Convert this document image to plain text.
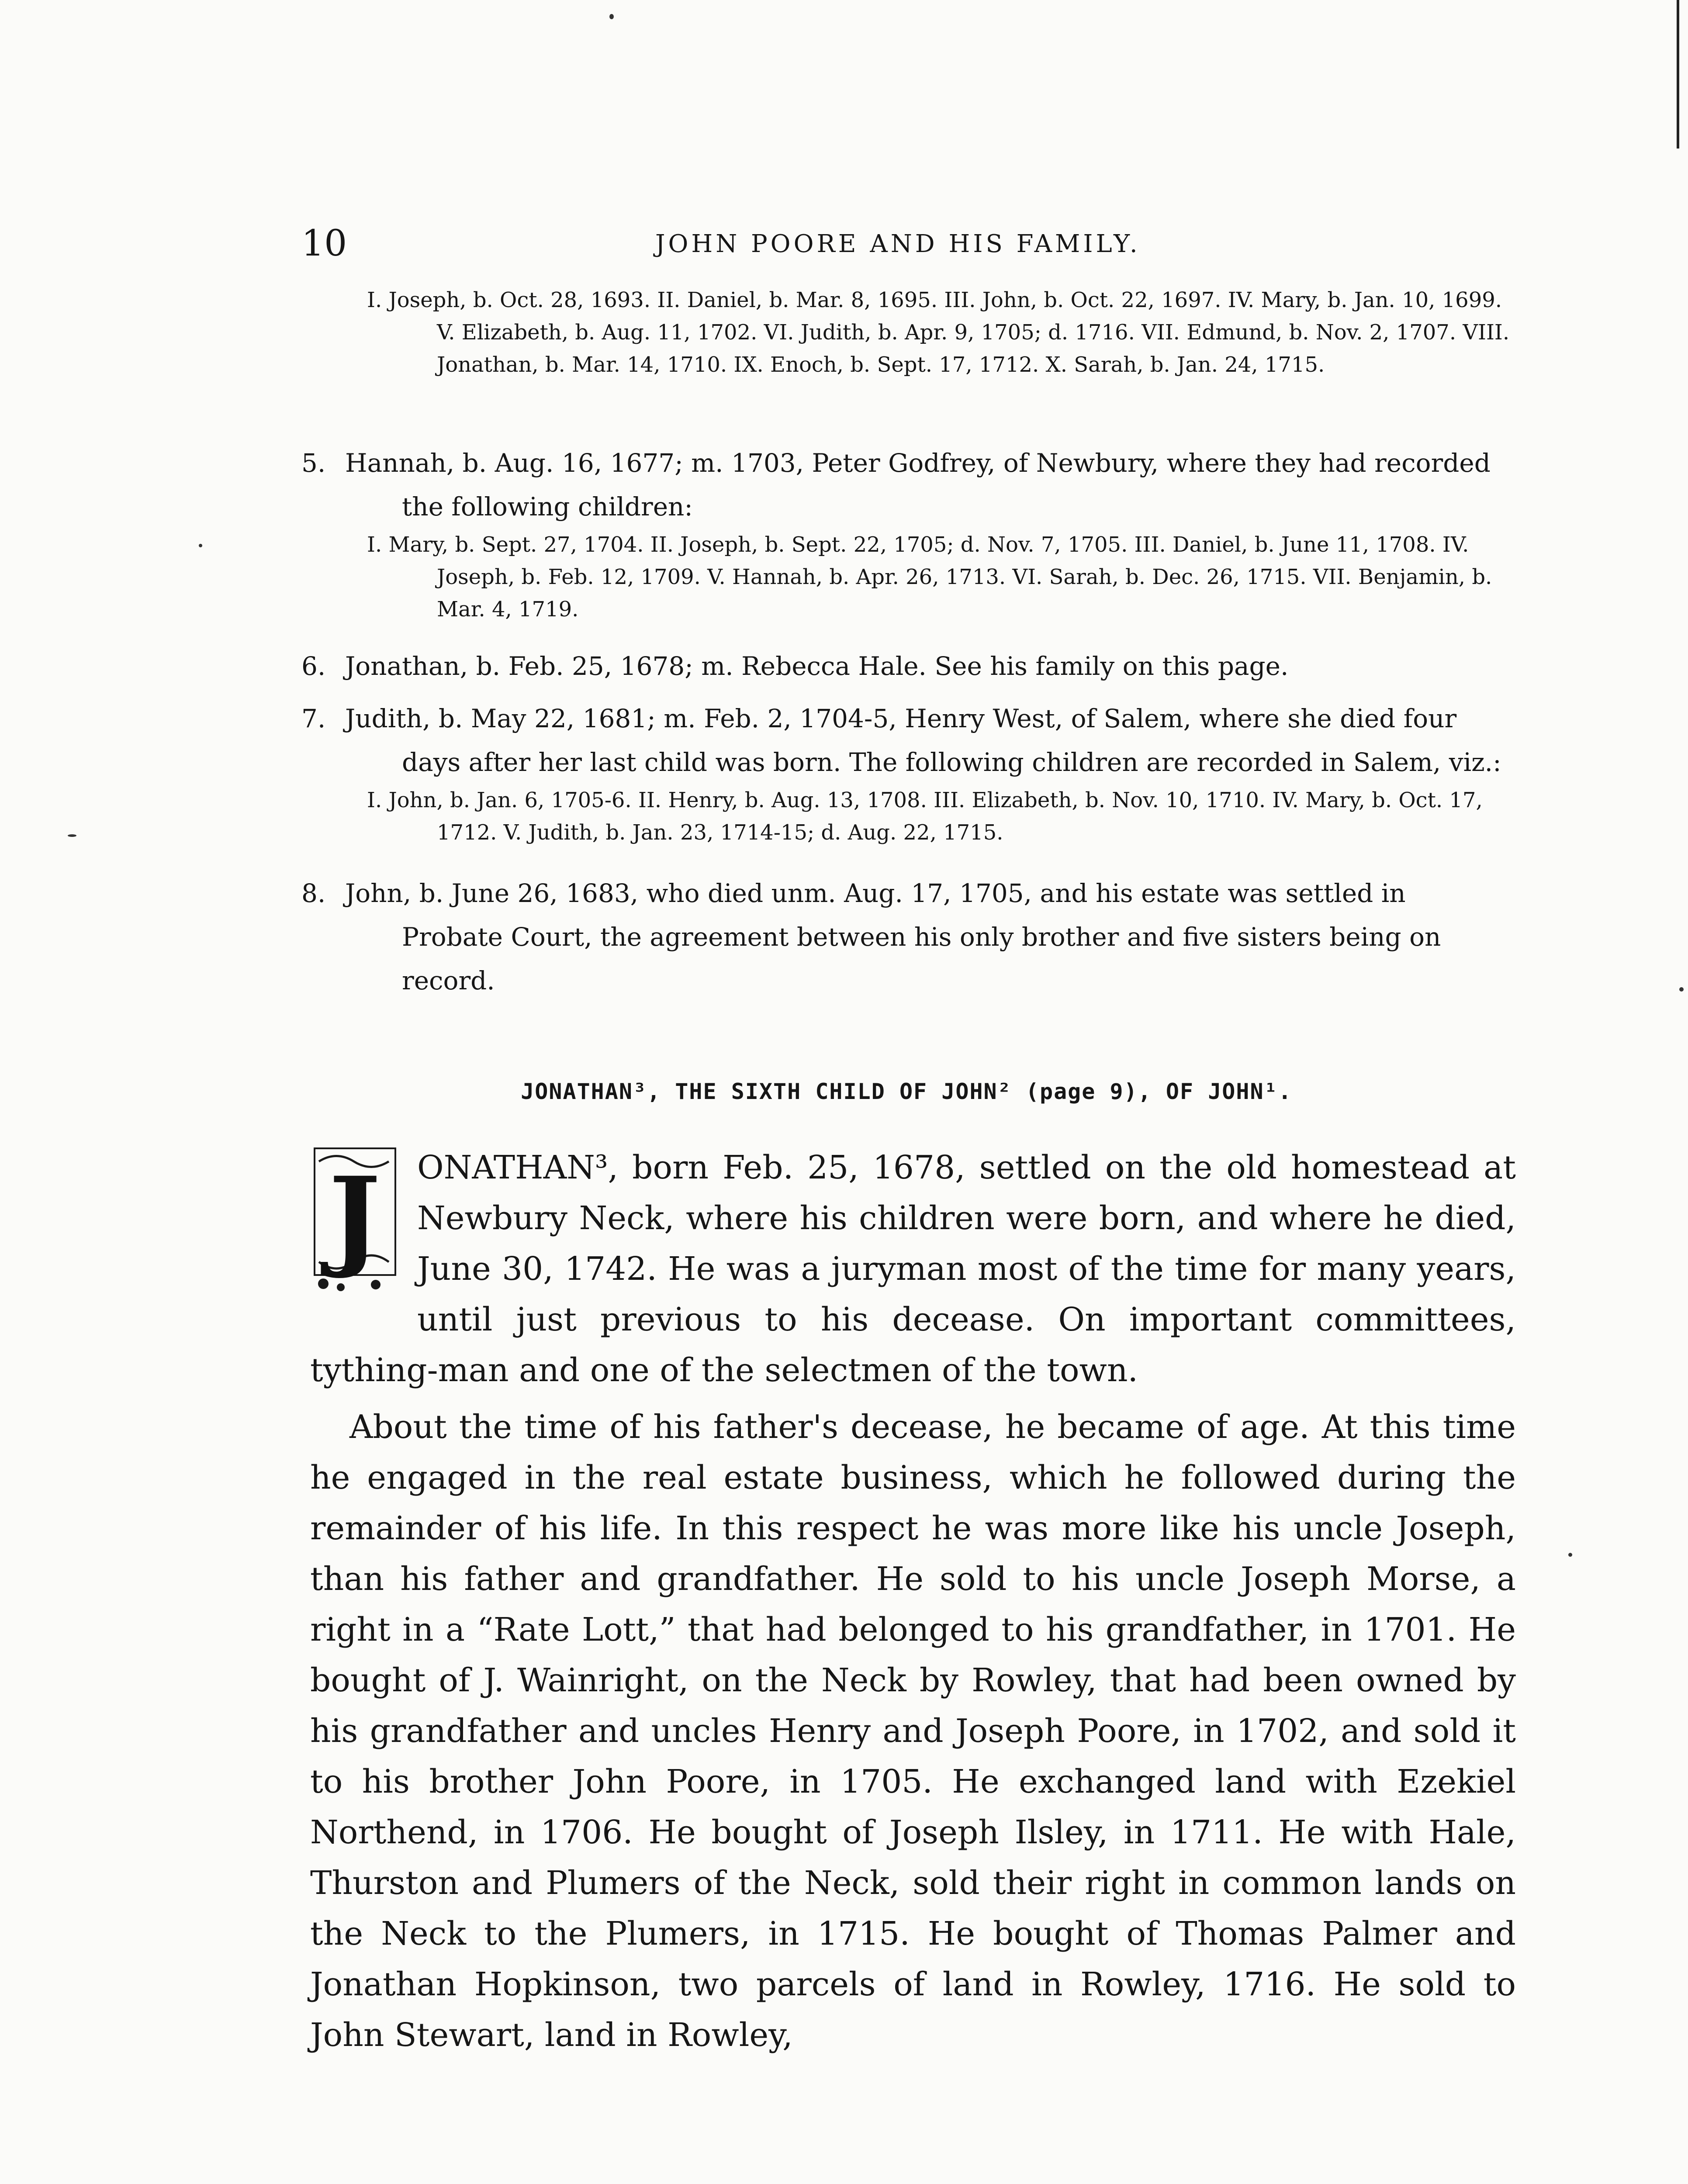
10	JOHN POORE AND HIS FAMILY.

I. Joseph, b. Oct. 28, 1693. II. Daniel, b. Mar. 8, 1695. III. John, b. Oct. 22, 1697. IV. Mary, b. Jan. 10, 1699. V. Elizabeth, b. Aug. 11, 1702. VI. Judith, b. Apr. 9, 1705; d. 1716. VII. Edmund, b. Nov. 2, 1707. VIII. Jonathan, b. Mar. 14, 1710. IX. Enoch, b. Sept. 17, 1712. X. Sarah, b. Jan. 24, 1715.

5. Hannah, b. Aug. 16, 1677; m. 1703, Peter Godfrey, of Newbury, where they had recorded the following children:

I. Mary, b. Sept. 27, 1704. II. Joseph, b. Sept. 22, 1705; d. Nov. 7, 1705. III. Daniel, b. June 11, 1708. IV. Joseph, b. Feb. 12, 1709. V. Hannah, b. Apr. 26, 1713. VI. Sarah, b. Dec. 26, 1715. VII. Benjamin, b. Mar. 4, 1719.

6. Jonathan, b. Feb. 25, 1678; m. Rebecca Hale. See his family on this page.

7. Judith, b. May 22, 1681; m. Feb. 2, 1704-5, Henry West, of Salem, where she died four days after her last child was born. The following children are recorded in Salem, viz.:

I. John, b. Jan. 6, 1705-6. II. Henry, b. Aug. 13, 1708. III. Elizabeth, b. Nov. 10, 1710. IV. Mary, b. Oct. 17, 1712. V. Judith, b. Jan. 23, 1714-15; d. Aug. 22, 1715.

8. John, b. June 26, 1683, who died unm. Aug. 17, 1705, and his estate was settled in Probate Court, the agreement between his only brother and five sisters being on record.

JONATHAN³, THE SIXTH CHILD OF JOHN² (page 9), OF JOHN¹.

J ONATHAN³, born Feb. 25, 1678, settled on the old homestead at Newbury Neck, where his children were born, and where he died, June 30, 1742. He was a juryman most of the time for many years, until just previous to his decease. On important committees, tything-man and one of the selectmen of the town.

About the time of his father's decease, he became of age. At this time he engaged in the real estate business, which he followed during the remainder of his life. In this respect he was more like his uncle Joseph, than his father and grandfather. He sold to his uncle Joseph Morse, a right in a “Rate Lott,” that had belonged to his grandfather, in 1701. He bought of J. Wainright, on the Neck by Rowley, that had been owned by his grandfather and uncles Henry and Joseph Poore, in 1702, and sold it to his brother John Poore, in 1705. He exchanged land with Ezekiel Northend, in 1706. He bought of Joseph Ilsley, in 1711. He with Hale, Thurston and Plumers of the Neck, sold their right in common lands on the Neck to the Plumers, in 1715. He bought of Thomas Palmer and Jonathan Hopkinson, two parcels of land in Rowley, 1716. He sold to John Stewart, land in Rowley,
